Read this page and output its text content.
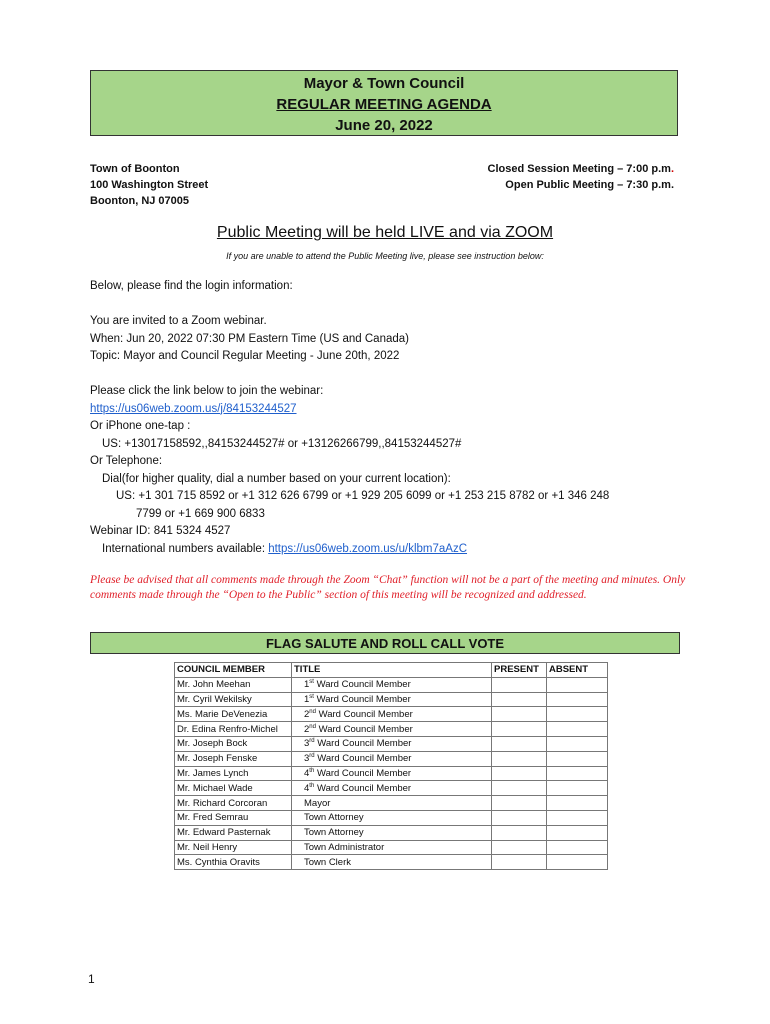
Mayor & Town Council
REGULAR MEETING AGENDA
June 20, 2022
Town of Boonton
100 Washington Street
Boonton, NJ 07005
Closed Session Meeting – 7:00 p.m.
Open Public Meeting – 7:30 p.m.
Public Meeting will be held LIVE and via ZOOM
If you are unable to attend the Public Meeting live, please see instruction below:
Below, please find the login information:
You are invited to a Zoom webinar.
When: Jun 20, 2022 07:30 PM Eastern Time (US and Canada)
Topic: Mayor and Council Regular Meeting - June 20th, 2022
Please click the link below to join the webinar:
https://us06web.zoom.us/j/84153244527
Or iPhone one-tap :
US: +13017158592,,84153244527# or +13126266799,,84153244527#
Or Telephone:
Dial(for higher quality, dial a number based on your current location):
US: +1 301 715 8592 or +1 312 626 6799 or +1 929 205 6099 or +1 253 215 8782 or +1 346 248
7799 or +1 669 900 6833
Webinar ID: 841 5324 4527
International numbers available: https://us06web.zoom.us/u/klbm7aAzC
Please be advised that all comments made through the Zoom “Chat” function will not be a part of the meeting and minutes. Only comments made through the “Open to the Public” section of this meeting will be recognized and addressed.
FLAG SALUTE AND ROLL CALL VOTE
COUNCIL MEMBER	TITLE	PRESENT	ABSENT
Mr. John Meehan	1st Ward Council Member		
Mr. Cyril Wekilsky	1st Ward Council Member		
Ms. Marie DeVenezia	2nd Ward Council Member		
Dr. Edina Renfro-Michel	2nd Ward Council Member		
Mr. Joseph Bock	3rd Ward Council Member		
Mr. Joseph Fenske	3rd Ward Council Member		
Mr. James Lynch	4th Ward Council Member		
Mr. Michael Wade	4th Ward Council Member		
Mr. Richard Corcoran	Mayor		
Mr. Fred Semrau	Town Attorney		
Mr. Edward Pasternak	Town Attorney		
Mr. Neil Henry	Town Administrator		
Ms. Cynthia Oravits	Town Clerk		
1
